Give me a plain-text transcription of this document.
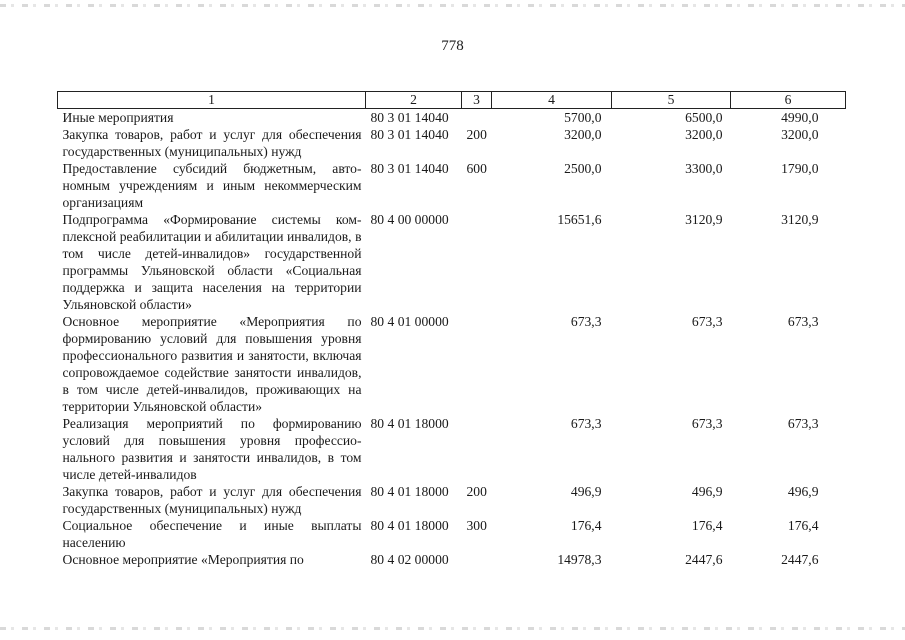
778
1	2	3	4	5	6
Иные мероприятия	80 3 01 14040		5700,0	6500,0	4990,0
Закупка товаров, работ и услуг для обеспечения государственных (муниципальных) нужд	80 3 01 14040	200	3200,0	3200,0	3200,0
Предоставление субсидий бюджетным, автономным учреждениям и иным некоммерческим организациям	80 3 01 14040	600	2500,0	3300,0	1790,0
Подпрограмма «Формирование системы комплексной реабилитации и абилитации инвалидов, в том числе детей-инвалидов» государственной программы Ульяновской области «Социальная поддержка и защита населения на территории Ульяновской области»	80 4 00 00000		15651,6	3120,9	3120,9
Основное мероприятие «Мероприятия по формированию условий для повышения уровня профессионального развития и занятости, включая сопровождаемое содействие занятости инвалидов, в том числе детей-инвалидов, проживающих на территории Ульяновской области»	80 4 01 00000		673,3	673,3	673,3
Реализация мероприятий по формированию условий для повышения уровня профессионального развития и занятости инвалидов, в том числе детей-инвалидов	80 4 01 18000		673,3	673,3	673,3
Закупка товаров, работ и услуг для обеспечения государственных (муниципальных) нужд	80 4 01 18000	200	496,9	496,9	496,9
Социальное обеспечение и иные выплаты населению	80 4 01 18000	300	176,4	176,4	176,4
Основное мероприятие «Мероприятия по	80 4 02 00000		14978,3	2447,6	2447,6
